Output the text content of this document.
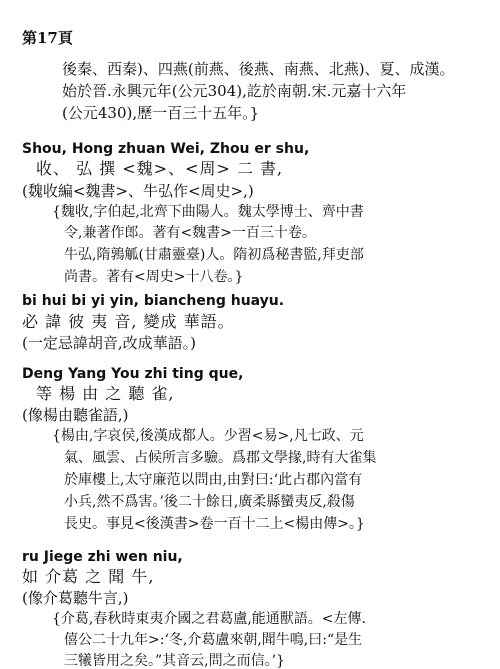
第17頁
後秦、西秦)、四燕(前燕、後燕、南燕、北燕)、夏、成漢。
始於晉.永興元年(公元304),訖於南朝.宋.元嘉十六年
(公元430),歷一百三十五年。}
Shou, Hong zhuan Wei, Zhou er shu,
收、 弘 撰 <魏>、<周> 二 書,
(魏收編<魏書>、牛弘作<周史>,)
{魏收,字伯起,北齊下曲陽人。魏太學博士、齊中書
令,兼著作郎。著有<魏書>一百三十卷。
牛弘,隋鶉觚(甘肅靈臺)人。隋初爲秘書監,拜吏部
尚書。著有<周史>十八卷。}
bi hui bi yi yin, biancheng huayu.
必 諱 彼 夷 音, 變成 華語。
(一定忌諱胡音,改成華語。)
Deng Yang You zhi ting que,
等 楊 由 之 聽 雀,
(像楊由聽雀語,)
{楊由,字哀侯,後漢成都人。少習<易>,凡七政、元
氣、風雲、占候所言多驗。爲郡文學掾,時有大雀集
於庫樓上,太守廉范以問由,由對曰:‘此占郡內當有
小兵,然不爲害。’後二十餘日,廣柔縣蠻夷反,殺傷
長史。事見<後漢書>卷一百十二上<楊由傳>。}
ru Jiege zhi wen niu,
如 介葛 之 聞 牛,
(像介葛聽牛言,)
{介葛,春秋時東夷介國之君葛盧,能通獸語。<左傳.
僖公二十九年>:‘冬,介葛盧來朝,聞牛鳴,曰:“是生
三犧皆用之矣。”其音云,問之而信。’}
